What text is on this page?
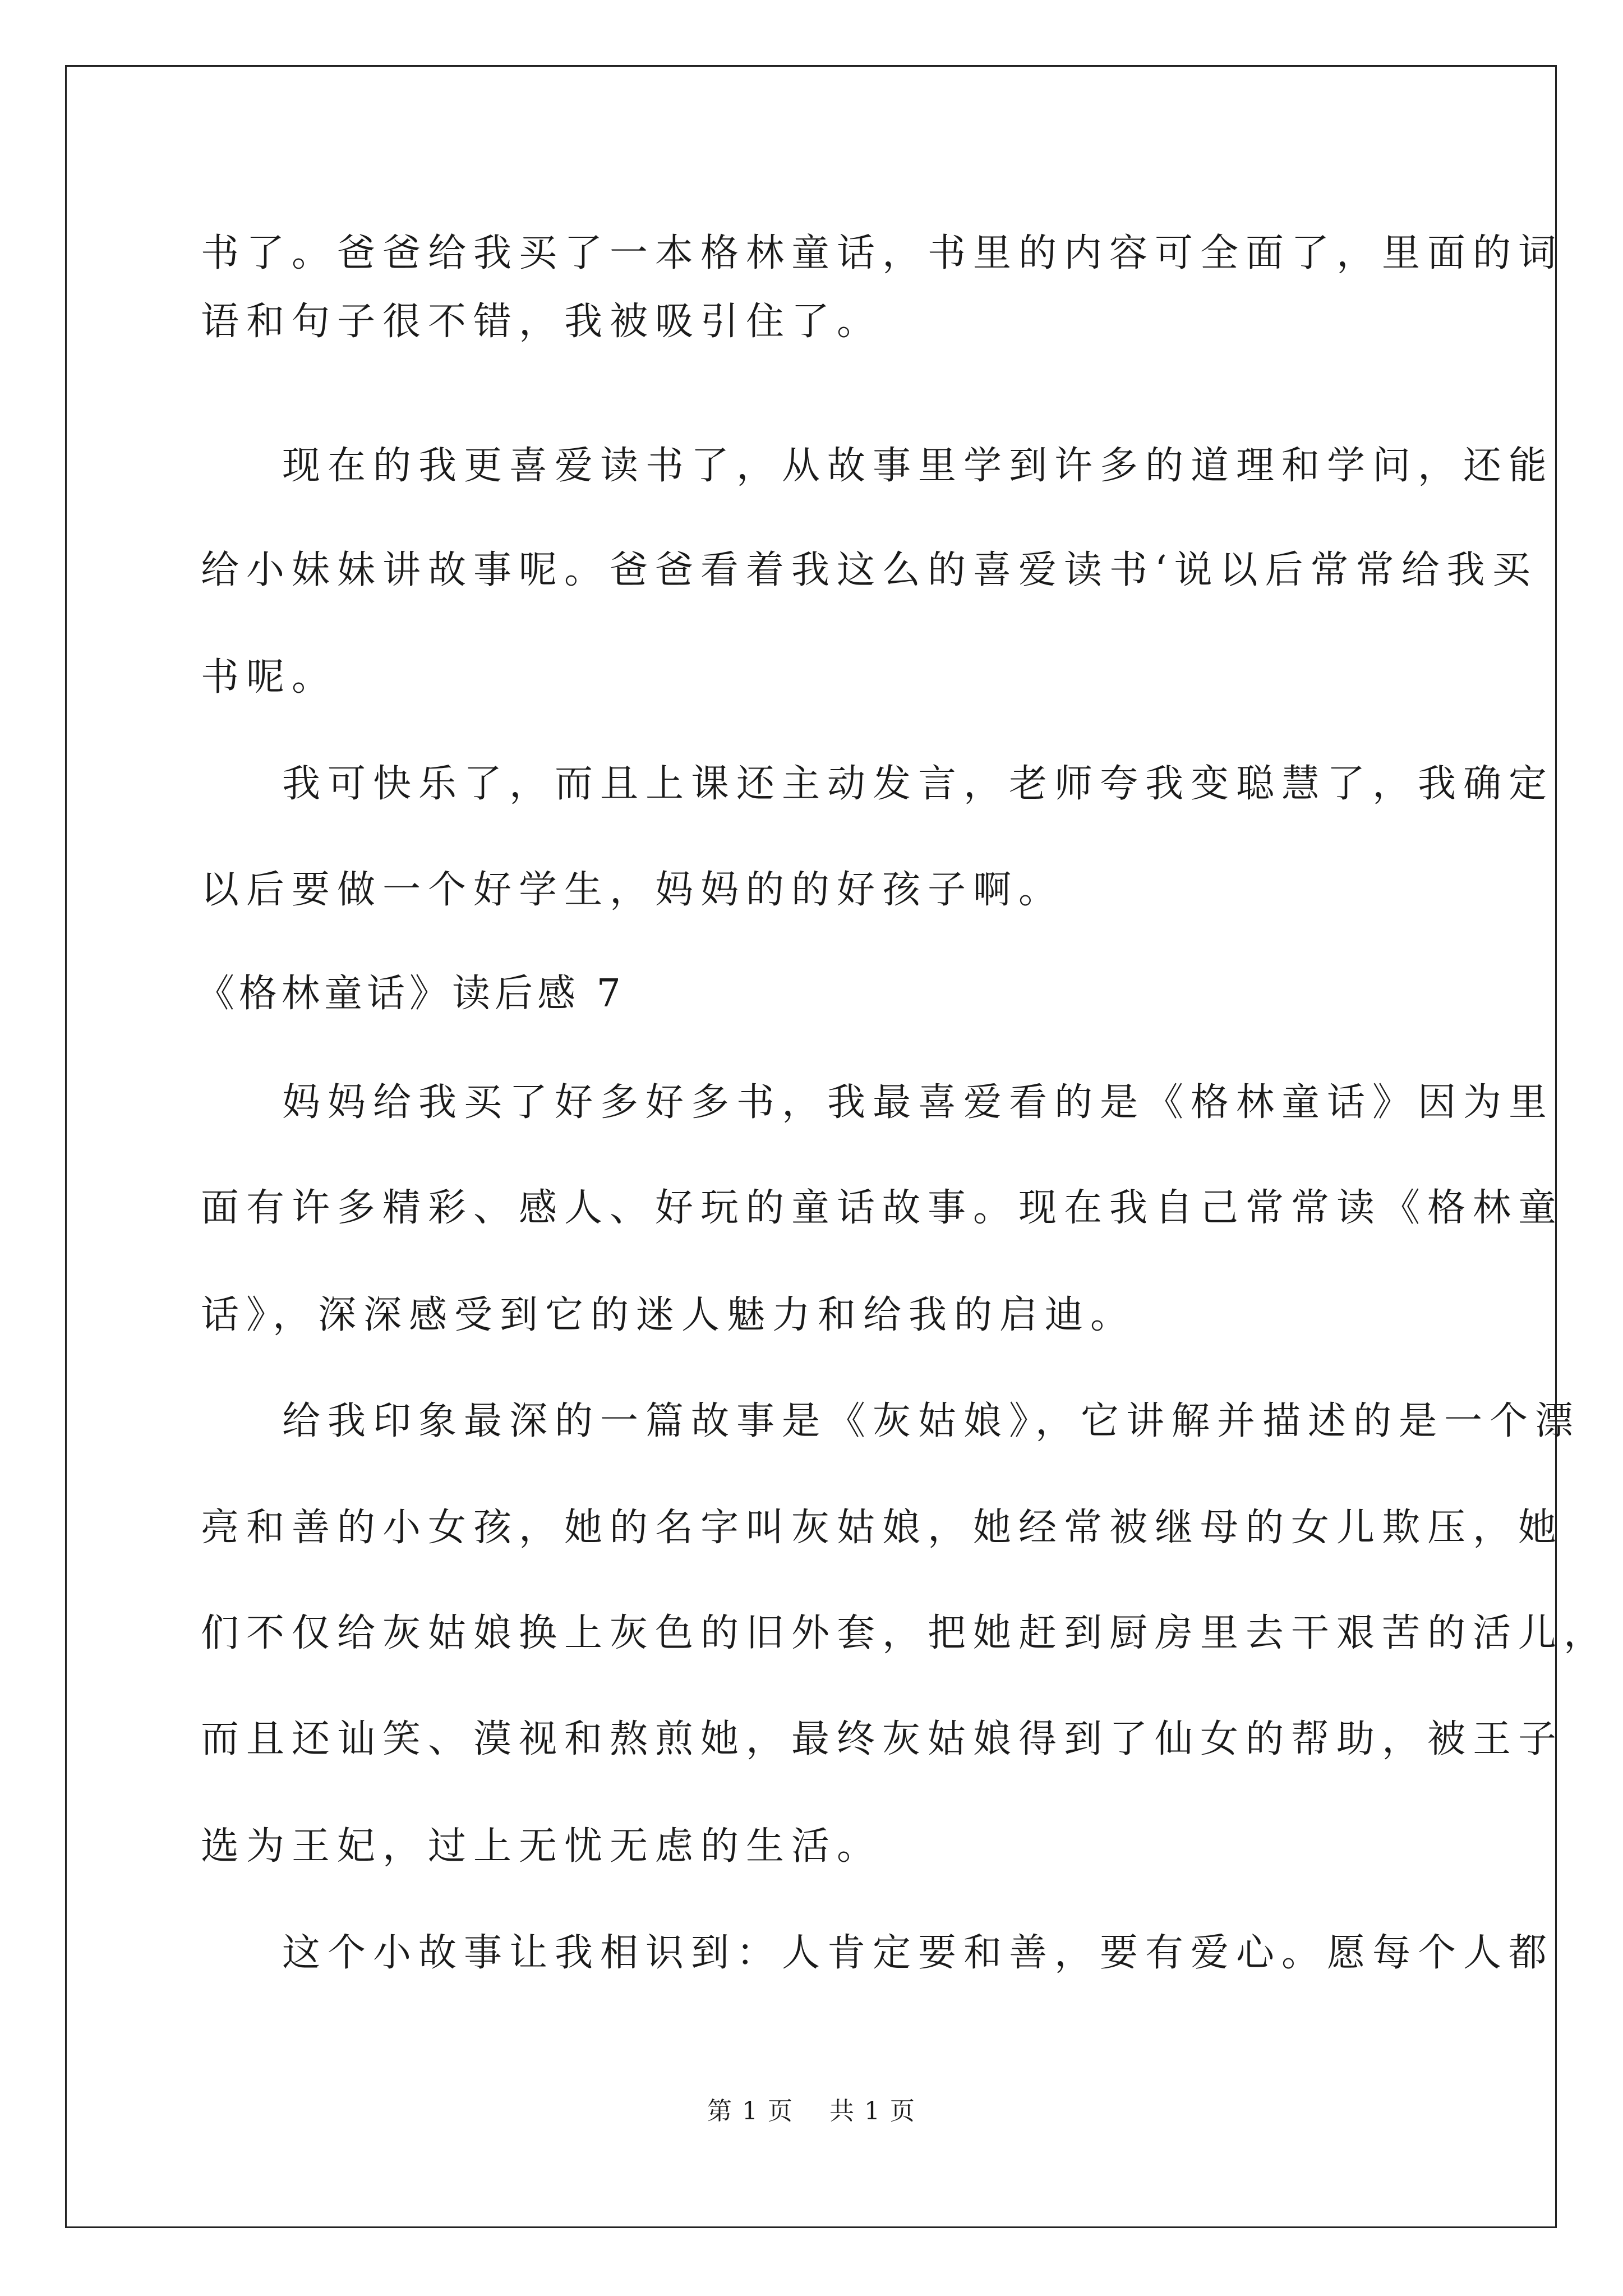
书了。爸爸给我买了一本格林童话，书里的内容可全面了，里面的词
语和句子很不错，我被吸引住了。
现在的我更喜爱读书了，从故事里学到许多的道理和学问，还能
给小妹妹讲故事呢。爸爸看着我这么的喜爱读书‘说以后常常给我买
书呢。
我可快乐了，而且上课还主动发言，老师夸我变聪慧了，我确定
以后要做一个好学生，妈妈的的好孩子啊。
《格林童话》读后感 7
妈妈给我买了好多好多书，我最喜爱看的是《格林童话》因为里
面有许多精彩、感人、好玩的童话故事。现在我自己常常读《格林童
话》，深深感受到它的迷人魅力和给我的启迪。
给我印象最深的一篇故事是《灰姑娘》，它讲解并描述的是一个漂
亮和善的小女孩，她的名字叫灰姑娘，她经常被继母的女儿欺压，她
们不仅给灰姑娘换上灰色的旧外套，把她赶到厨房里去干艰苦的活儿，
而且还讪笑、漠视和熬煎她，最终灰姑娘得到了仙女的帮助，被王子
选为王妃，过上无忧无虑的生活。
这个小故事让我相识到：人肯定要和善，要有爱心。愿每个人都
第 1 页    共 1 页
